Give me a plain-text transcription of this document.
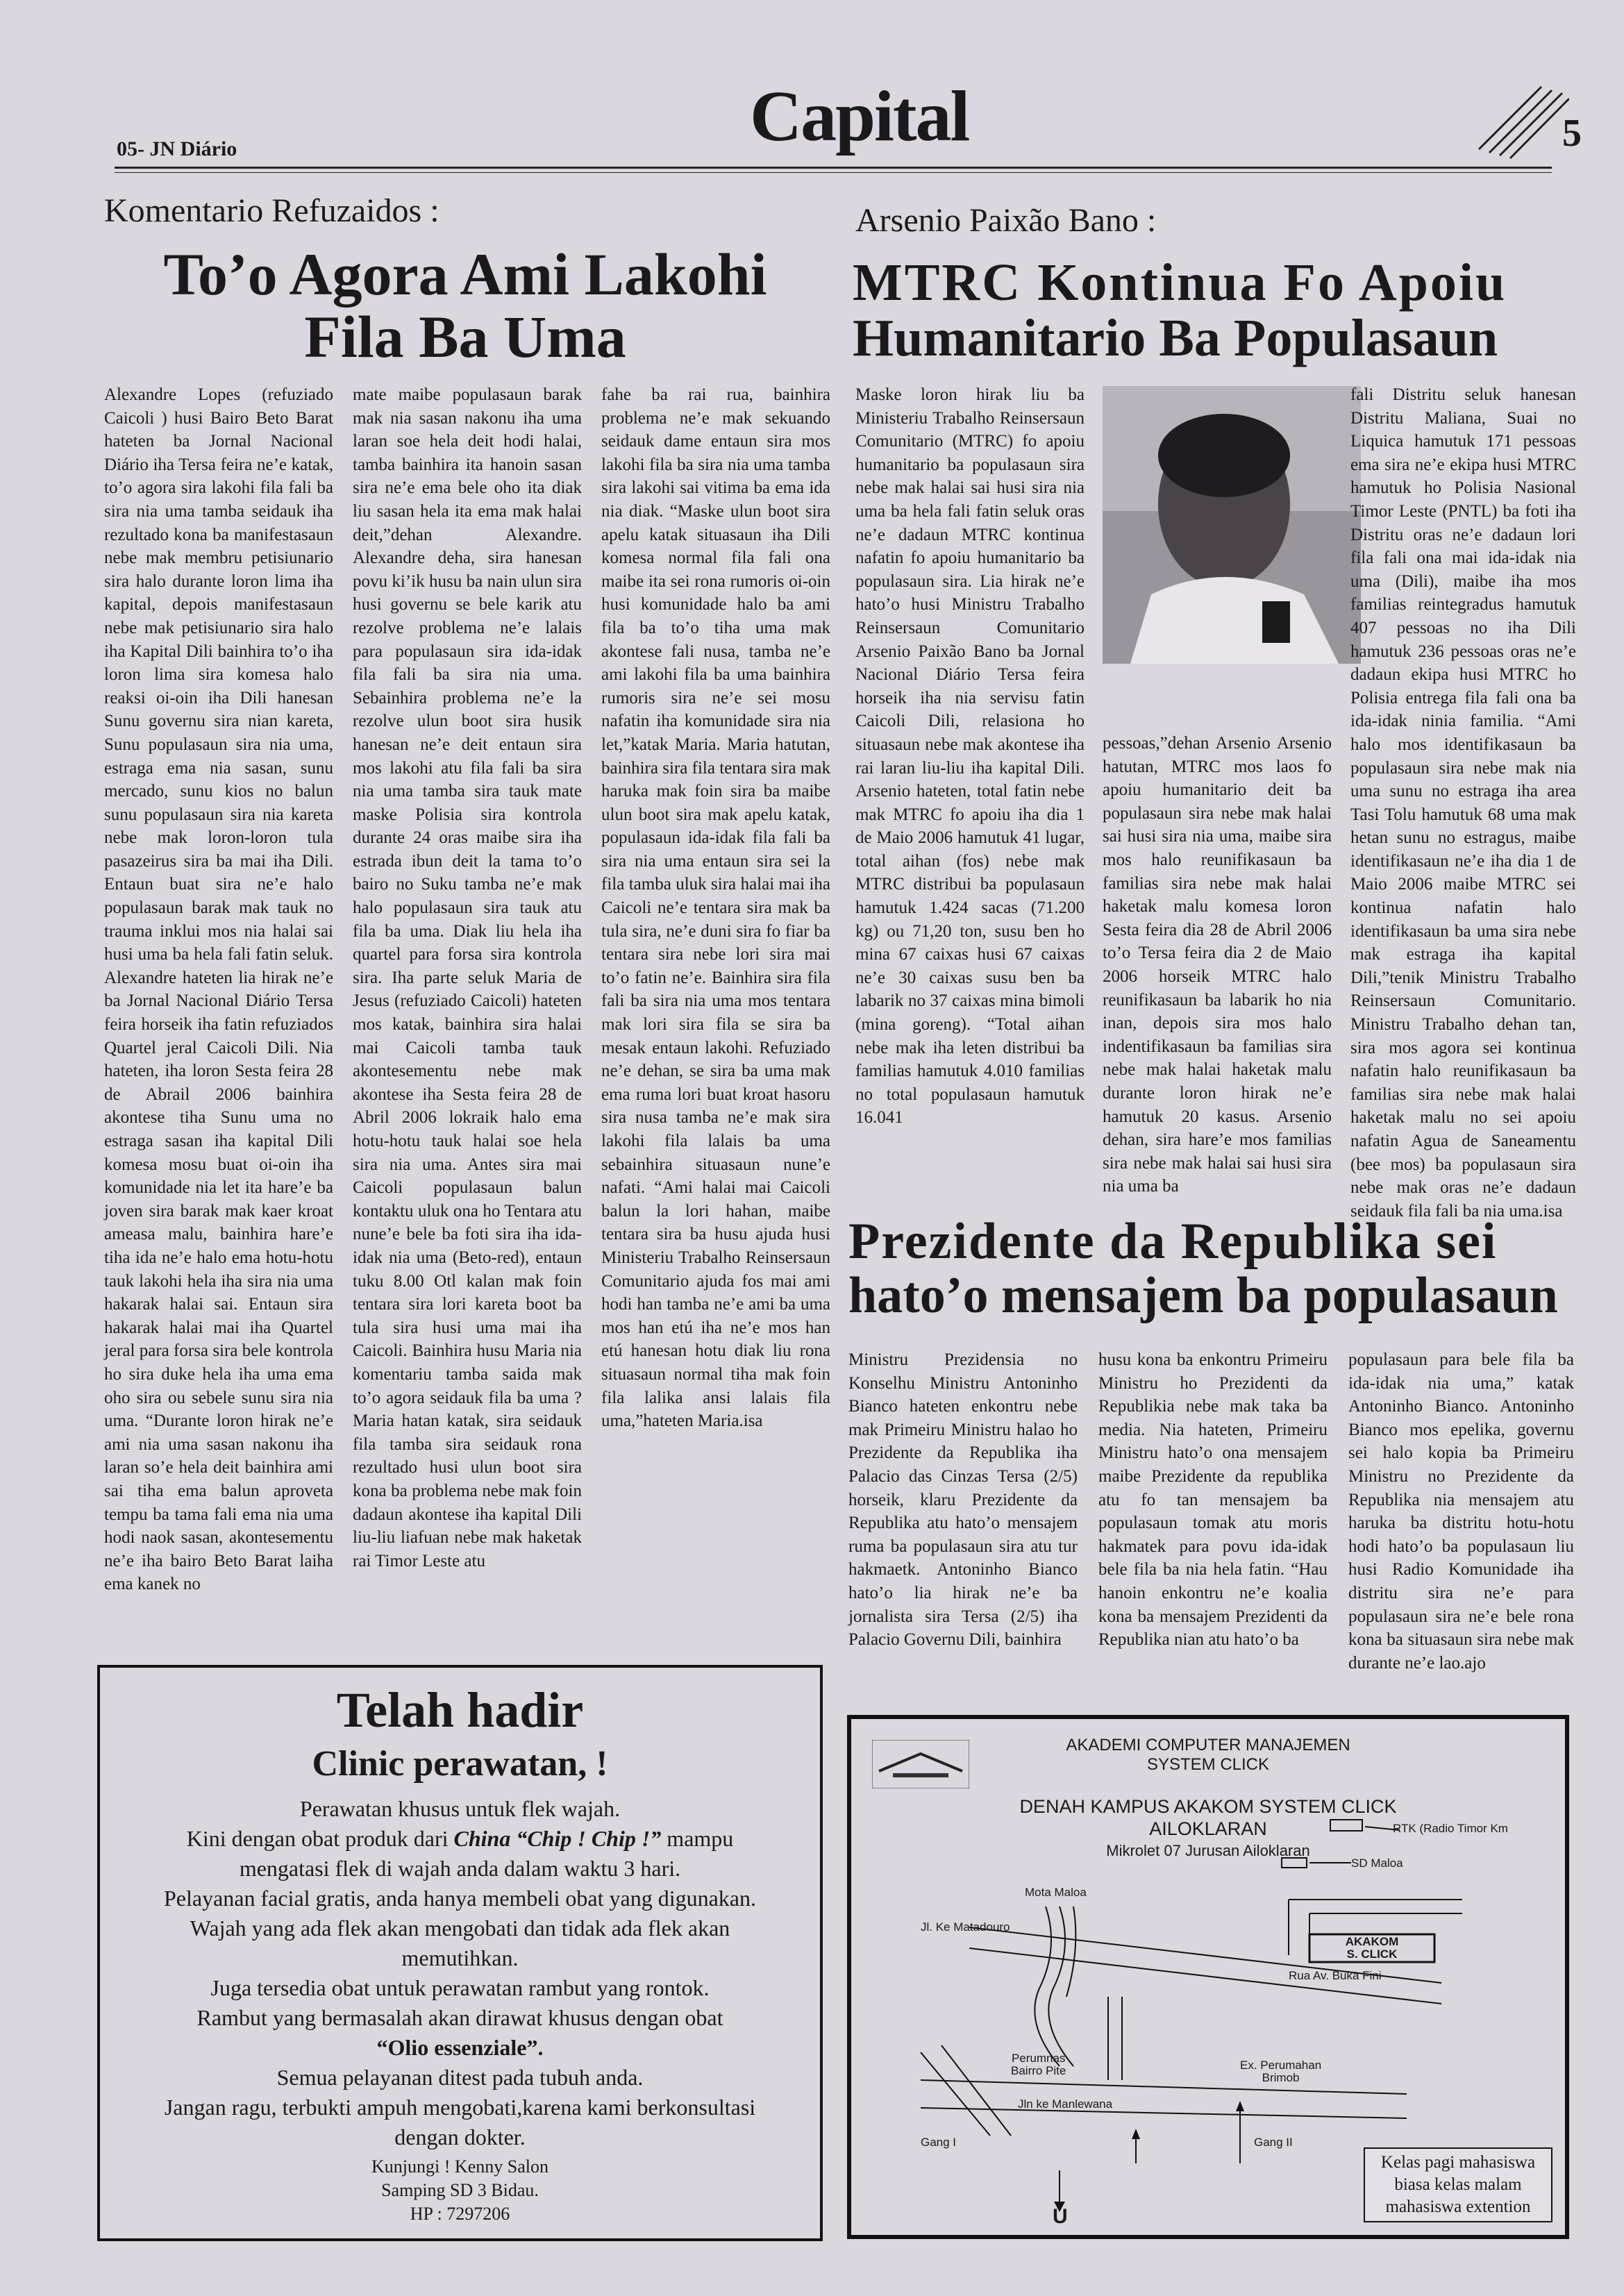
Capital
05- JN Diário	5
Komentario Refuzaidos :
To’o Agora Ami Lakohi
Fila Ba Uma
Alexandre Lopes (refuziado Caicoli ) husi Bairo Beto Barat hateten ba Jornal Nacional Diário iha Tersa feira ne’e katak, to’o agora sira lakohi fila fali ba sira nia uma tamba seidauk iha rezultado kona ba manifestasaun nebe mak membru petisiunario sira halo durante loron lima iha kapital, depois manifestasaun nebe mak petisiunario sira halo iha Kapital Dili bainhira to’o iha loron lima sira komesa halo reaksi oi-oin iha Dili hanesan Sunu governu sira nian kareta, Sunu populasaun sira nia uma, estraga ema nia sasan, sunu mercado, sunu kios no balun sunu populasaun sira nia kareta nebe mak loron-loron tula pasazeirus sira ba mai iha Dili. Entaun buat sira ne’e halo populasaun barak mak tauk no trauma inklui mos nia halai sai husi uma ba hela fali fatin seluk. Alexandre hateten lia hirak ne’e ba Jornal Nacional Diário Tersa feira horseik iha fatin refuziados Quartel jeral Caicoli Dili. Nia hateten, iha loron Sesta feira 28 de Abrail 2006 bainhira akontese tiha Sunu uma no estraga sasan iha kapital Dili komesa mosu buat oi-oin iha komunidade nia let ita hare’e ba joven sira barak mak kaer kroat ameasa malu, bainhira hare’e tiha ida ne’e halo ema hotu-hotu tauk lakohi hela iha sira nia uma hakarak halai sai. Entaun sira hakarak halai mai iha Quartel jeral para forsa sira bele kontrola ho sira duke hela iha uma ema oho sira ou sebele sunu sira nia uma. “Durante loron hirak ne’e ami nia uma sasan nakonu iha laran so’e hela deit bainhira ami sai tiha ema balun aproveta tempu ba tama fali ema nia uma hodi naok sasan, akontesementu ne’e iha bairo Beto Barat laiha ema kanek no
mate maibe populasaun barak mak nia sasan nakonu iha uma laran soe hela deit hodi halai, tamba bainhira ita hanoin sasan sira ne’e ema bele oho ita diak liu sasan hela ita ema mak halai deit,”dehan Alexandre. Alexandre deha, sira hanesan povu ki’ik husu ba nain ulun sira husi governu se bele karik atu rezolve problema ne’e lalais para populasaun sira ida-idak fila fali ba sira nia uma. Sebainhira problema ne’e la rezolve ulun boot sira husik hanesan ne’e deit entaun sira mos lakohi atu fila fali ba sira nia uma tamba sira tauk mate maske Polisia sira kontrola durante 24 oras maibe sira iha estrada ibun deit la tama to’o bairo no Suku tamba ne’e mak halo populasaun sira tauk atu fila ba uma. Diak liu hela iha quartel para forsa sira kontrola sira. Iha parte seluk Maria de Jesus (refuziado Caicoli) hateten mos katak, bainhira sira halai mai Caicoli tamba tauk akontesementu nebe mak akontese iha Sesta feira 28 de Abril 2006 lokraik halo ema hotu-hotu tauk halai soe hela sira nia uma. Antes sira mai Caicoli populasaun balun kontaktu uluk ona ho Tentara atu nune’e bele ba foti sira iha ida-idak nia uma (Beto-red), entaun tuku 8.00 Otl kalan mak foin tentara sira lori kareta boot ba tula sira husi uma mai iha Caicoli. Bainhira husu Maria nia komentariu tamba saida mak to’o agora seidauk fila ba uma ? Maria hatan katak, sira seidauk fila tamba sira seidauk rona rezultado husi ulun boot sira kona ba problema nebe mak foin dadaun akontese iha kapital Dili liu-liu liafuan nebe mak haketak rai Timor Leste atu
fahe ba rai rua, bainhira problema ne’e mak sekuando seidauk dame entaun sira mos lakohi fila ba sira nia uma tamba sira lakohi sai vitima ba ema ida nia diak. “Maske ulun boot sira apelu katak situasaun iha Dili komesa normal fila fali ona maibe ita sei rona rumoris oi-oin husi komunidade halo ba ami fila ba to’o tiha uma mak akontese fali nusa, tamba ne’e ami lakohi fila ba uma bainhira rumoris sira ne’e sei mosu nafatin iha komunidade sira nia let,”katak Maria. Maria hatutan, bainhira sira fila tentara sira mak haruka mak foin sira ba maibe ulun boot sira mak apelu katak, populasaun ida-idak fila fali ba sira nia uma entaun sira sei la fila tamba uluk sira halai mai iha Caicoli ne’e tentara sira mak ba tula sira, ne’e duni sira fo fiar ba tentara sira nebe lori sira mai to’o fatin ne’e. Bainhira sira fila fali ba sira nia uma mos tentara mak lori sira fila se sira ba mesak entaun lakohi. Refuziado ne’e dehan, se sira ba uma mak ema ruma lori buat kroat hasoru sira nusa tamba ne’e mak sira lakohi fila lalais ba uma sebainhira situasaun nune’e nafati. “Ami halai mai Caicoli balun la lori hahan, maibe tentara sira ba husu ajuda husi Ministeriu Trabalho Reinsersaun Comunitario ajuda fos mai ami hodi han tamba ne’e ami ba uma mos han etú iha ne’e mos han etú hanesan hotu diak liu rona situasaun normal tiha mak foin fila lalika ansi lalais fila uma,”hateten Maria.isa
Arsenio Paixão Bano :
MTRC Kontinua Fo Apoiu
Humanitario Ba Populasaun
Maske loron hirak liu ba Ministeriu Trabalho Reinsersaun Comunitario (MTRC) fo apoiu humanitario ba populasaun sira nebe mak halai sai husi sira nia uma ba hela fali fatin seluk oras ne’e dadaun MTRC kontinua nafatin fo apoiu humanitario ba populasaun sira. Lia hirak ne’e hato’o husi Ministru Trabalho Reinsersaun Comunitario Arsenio Paixão Bano ba Jornal Nacional Diário Tersa feira horseik iha nia servisu fatin Caicoli Dili, relasiona ho situasaun nebe mak akontese iha rai laran liu-liu iha kapital Dili. Arsenio hateten, total fatin nebe mak MTRC fo apoiu iha dia 1 de Maio 2006 hamutuk 41 lugar, total aihan (fos) nebe mak MTRC distribui ba populasaun hamutuk 1.424 sacas (71.200 kg) ou 71,20 ton, susu ben ho mina 67 caixas husi 67 caixas ne’e 30 caixas susu ben ba labarik no 37 caixas mina bimoli (mina goreng). “Total aihan nebe mak iha leten distribui ba familias hamutuk 4.010 familias no total populasaun hamutuk 16.041
pessoas,”dehan Arsenio Arsenio hatutan, MTRC mos laos fo apoiu humanitario deit ba populasaun sira nebe mak halai sai husi sira nia uma, maibe sira mos halo reunifikasaun ba familias sira nebe mak halai haketak malu komesa loron Sesta feira dia 28 de Abril 2006 to’o Tersa feira dia 2 de Maio 2006 horseik MTRC halo reunifikasaun ba labarik ho nia inan, depois sira mos halo indentifikasaun ba familias sira nebe mak halai haketak malu durante loron hirak ne’e hamutuk 20 kasus. Arsenio dehan, sira hare’e mos familias sira nebe mak halai sai husi sira nia uma ba
fali Distritu seluk hanesan Distritu Maliana, Suai no Liquica hamutuk 171 pessoas ema sira ne’e ekipa husi MTRC hamutuk ho Polisia Nasional Timor Leste (PNTL) ba foti iha Distritu oras ne’e dadaun lori fila fali ona mai ida-idak nia uma (Dili), maibe iha mos familias reintegradus hamutuk 407 pessoas no iha Dili hamutuk 236 pessoas oras ne’e dadaun ekipa husi MTRC ho Polisia entrega fila fali ona ba ida-idak ninia familia. “Ami halo mos identifikasaun ba populasaun sira nebe mak nia uma sunu no estraga iha area Tasi Tolu hamutuk 68 uma mak hetan sunu no estragus, maibe identifikasaun ne’e iha dia 1 de Maio 2006 maibe MTRC sei kontinua nafatin halo identifikasaun ba uma sira nebe mak estraga iha kapital Dili,”tenik Ministru Trabalho Reinsersaun Comunitario. Ministru Trabalho dehan tan, sira mos agora sei kontinua nafatin halo reunifikasaun ba familias sira nebe mak halai haketak malu no sei apoiu nafatin Agua de Saneamentu (bee mos) ba populasaun sira nebe mak oras ne’e dadaun seidauk fila fali ba nia uma.isa
Prezidente da Republika sei
hato’o mensajem ba populasaun
Ministru Prezidensia no Konselhu Ministru Antoninho Bianco hateten enkontru nebe mak Primeiru Ministru halao ho Prezidente da Republika iha Palacio das Cinzas Tersa (2/5) horseik, klaru Prezidente da Republika atu hato’o mensajem ruma ba populasaun sira atu tur hakmaetk. Antoninho Bianco hato’o lia hirak ne’e ba jornalista sira Tersa (2/5) iha Palacio Governu Dili, bainhira
husu kona ba enkontru Primeiru Ministru ho Prezidenti da Republikia nebe mak taka ba media. Nia hateten, Primeiru Ministru hato’o ona mensajem maibe Prezidente da republika atu fo tan mensajem ba populasaun tomak atu moris hakmatek para povu ida-idak bele fila ba nia hela fatin. “Hau hanoin enkontru ne’e koalia kona ba mensajem Prezidenti da Republika nian atu hato’o ba
populasaun para bele fila ba ida-idak nia uma,” katak Antoninho Bianco. Antoninho Bianco mos epelika, governu sei halo kopia ba Primeiru Ministru no Prezidente da Republika nia mensajem atu haruka ba distritu hotu-hotu hodi hato’o ba populasaun liu husi Radio Komunidade iha distritu sira ne’e para populasaun sira ne’e bele rona kona ba situasaun sira nebe mak durante ne’e lao.ajo
Telah hadir
Clinic perawatan, !
Perawatan khusus untuk flek wajah.
Kini dengan obat produk dari China “Chip ! Chip !” mampu
mengatasi flek di wajah anda dalam waktu 3 hari.
Pelayanan facial gratis, anda hanya membeli obat yang digunakan.
Wajah yang ada flek akan mengobati dan tidak ada flek akan
memutihkan.
Juga tersedia obat untuk perawatan rambut yang rontok.
Rambut yang bermasalah akan dirawat khusus dengan obat
“Olio essenziale”.
Semua pelayanan ditest pada tubuh anda.
Jangan ragu, terbukti ampuh mengobati,karena kami berkonsultasi
dengan dokter.
Kunjungi ! Kenny Salon
Samping SD 3 Bidau.
HP : 7297206
AKADEMI COMPUTER MANAJEMEN
SYSTEM CLICK
DENAH KAMPUS AKAKOM SYSTEM CLICK
AILOKLARAN
Mikrolet 07 Jurusan Ailoklaran
RTK (Radio Timor Km
SD Maloa
AKAKOM
S. CLICK
Rua Av. Buka Fini
Mota Maloa
Jl. Ke Matadouro
Perumnas
Bairro Pite	Ex. Perumahan
Brimob
Jln ke Manlewana
Gang I	Gang II
U
Kelas pagi mahasiswa
biasa kelas malam
mahasiswa extention
